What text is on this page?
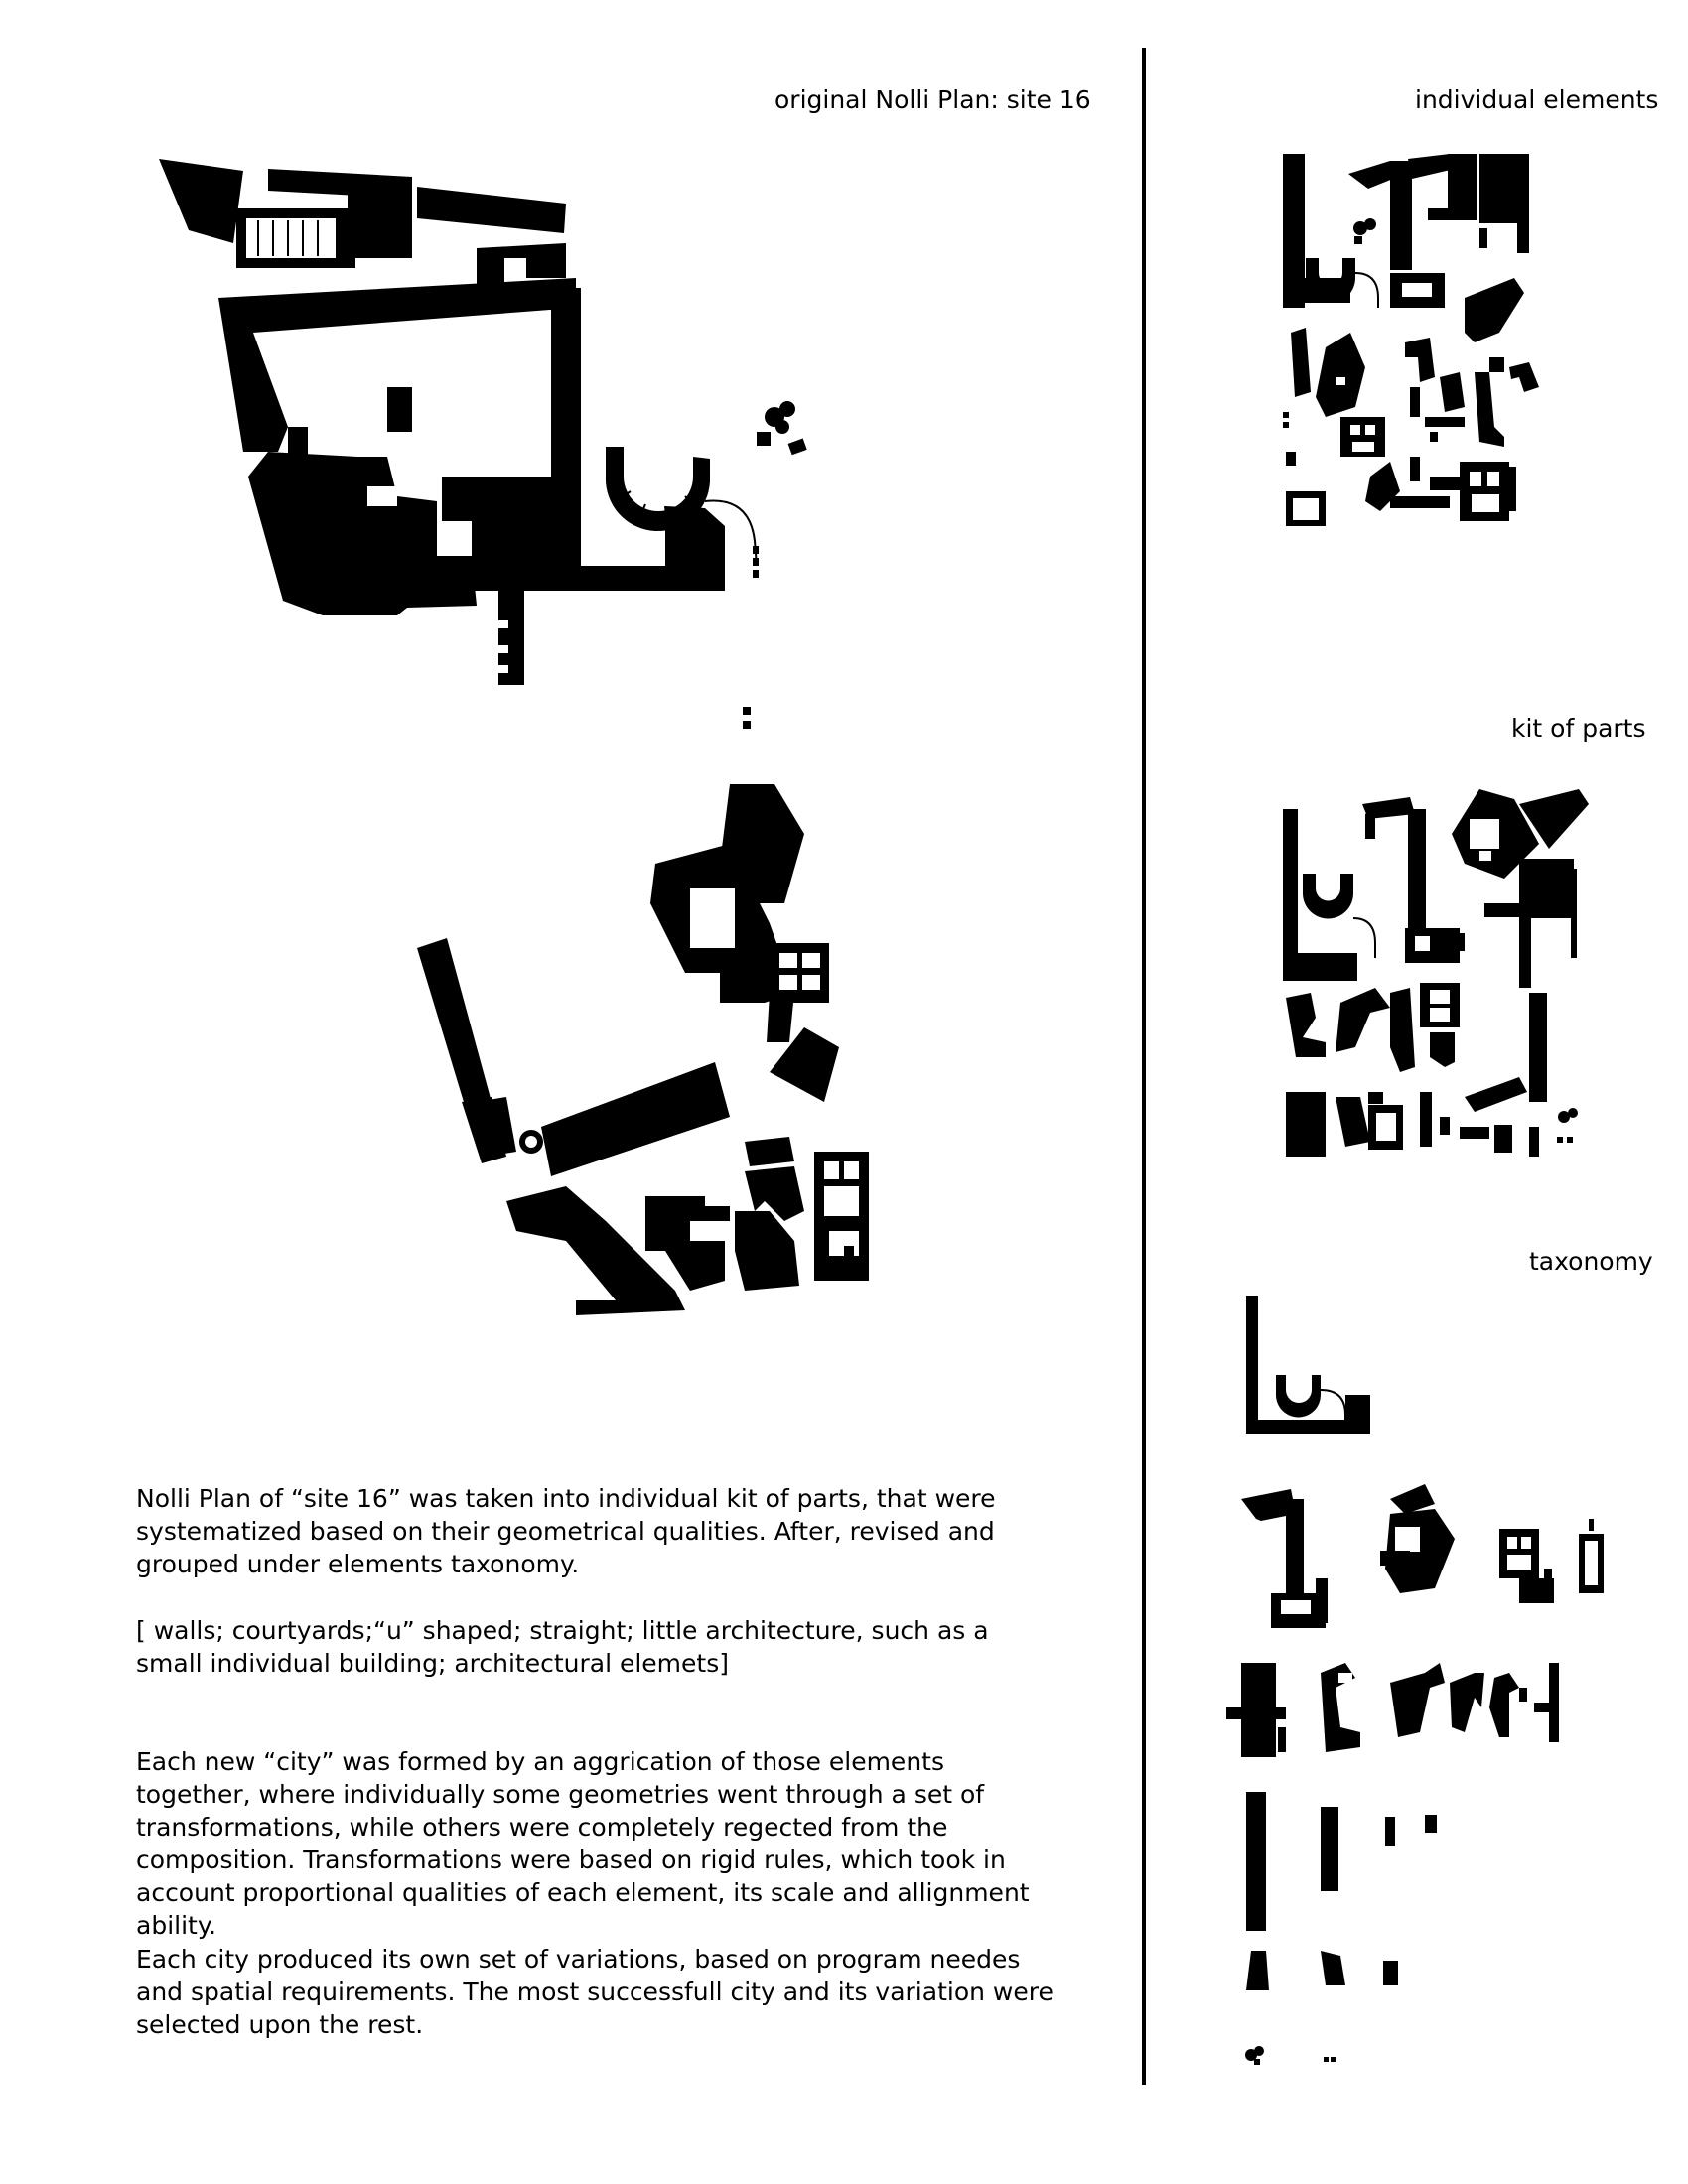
original Nolli Plan: site 16	individual elements
kit of parts
taxonomy

Nolli Plan of “site 16” was taken into individual kit of parts, that were systematized based on their geometrical qualities. After, revised and grouped under elements taxonomy.

[ walls; courtyards;“u” shaped; straight; little architecture, such as a small individual building; architectural elemets]

Each new “city” was formed by an aggrication of those elements together, where individually some geometries went through a set of transformations, while others were completely regected from the composition. Transformations were based on rigid rules, which took in account proportional qualities of each element, its scale and allignment ability.

Each city produced its own set of variations, based on program needes and spatial requirements. The most successfull city and its variation were selected upon the rest.
